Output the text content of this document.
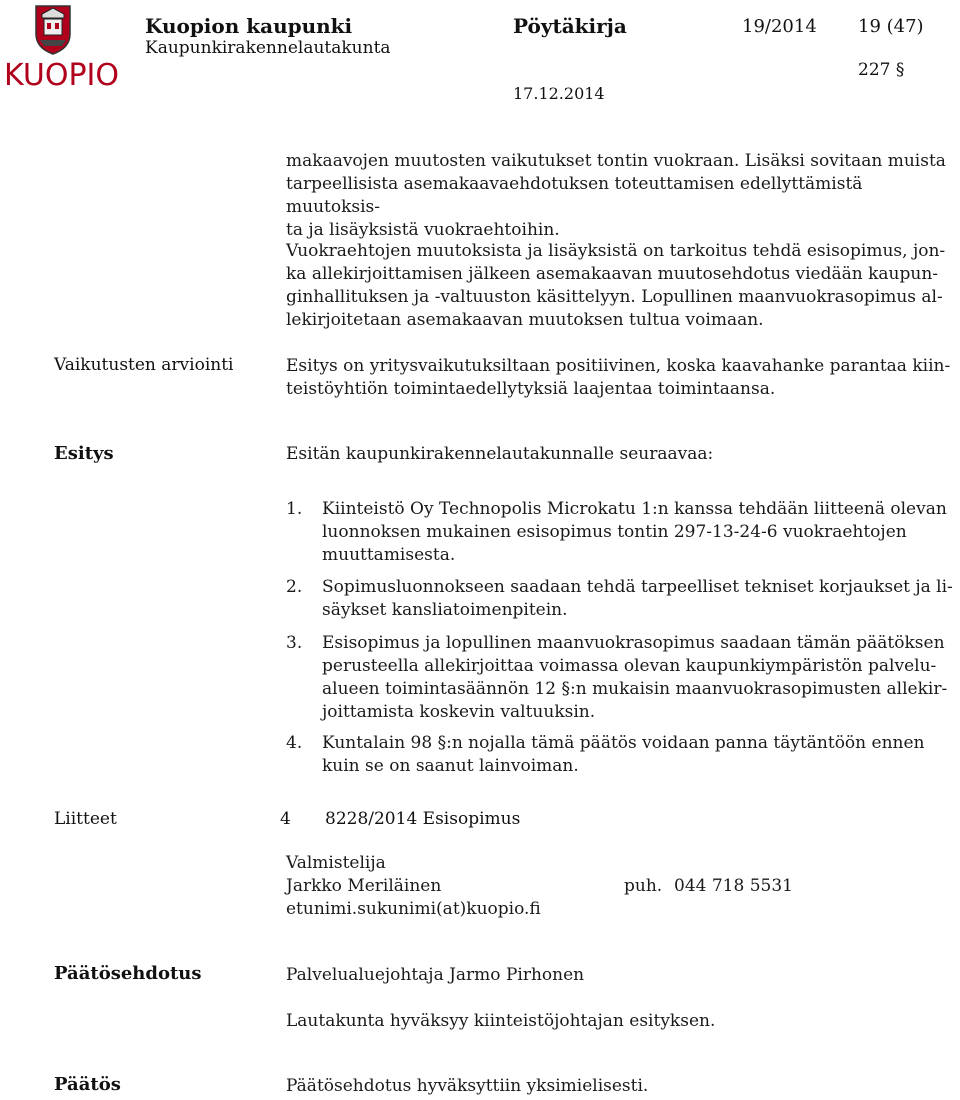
KUOPIO
Kuopion kaupunki
Kaupunkirakennelautakunta
Pöytäkirja	19/2014 19 (47)
227 §
17.12.2014
makaavojen muutosten vaikutukset tontin vuokraan. Lisäksi sovitaan muista
tarpeellisista asemakaavaehdotuksen toteuttamisen edellyttämistä muutoksis-
ta ja lisäyksistä vuokraehtoihin.
Vuokraehtojen muutoksista ja lisäyksistä on tarkoitus tehdä esisopimus, jon-
ka allekirjoittamisen jälkeen asemakaavan muutosehdotus viedään kaupun-
ginhallituksen ja -valtuuston käsittelyyn. Lopullinen maanvuokrasopimus al-
lekirjoitetaan asemakaavan muutoksen tultua voimaan.
Vaikutusten arviointi	Esitys on yritysvaikutuksiltaan positiivinen, koska kaavahanke parantaa kiin-
teistöyhtiön toimintaedellytyksiä laajentaa toimintaansa.
Esitys	Esitän kaupunkirakennelautakunnalle seuraavaa:
1. Kiinteistö Oy Technopolis Microkatu 1:n kanssa tehdään liitteenä olevan
luonnoksen mukainen esisopimus tontin 297-13-24-6 vuokraehtojen
muuttamisesta.
2. Sopimusluonnokseen saadaan tehdä tarpeelliset tekniset korjaukset ja li-
säykset kansliatoimenpitein.
3. Esisopimus ja lopullinen maanvuokrasopimus saadaan tämän päätöksen
perusteella allekirjoittaa voimassa olevan kaupunkiympäristön palvelu-
alueen toimintasäännön 12 §:n mukaisin maanvuokrasopimusten allekir-
joittamista koskevin valtuuksin.
4. Kuntalain 98 §:n nojalla tämä päätös voidaan panna täytäntöön ennen
kuin se on saanut lainvoiman.
Liitteet	4 8228/2014 Esisopimus
Valmistelija
Jarkko Meriläinen	puh. 044 718 5531
etunimi.sukunimi(at)kuopio.fi
Päätösehdotus	Palvelualuejohtaja Jarmo Pirhonen
Lautakunta hyväksyy kiinteistöjohtajan esityksen.
Päätös	Päätösehdotus hyväksyttiin yksimielisesti.
